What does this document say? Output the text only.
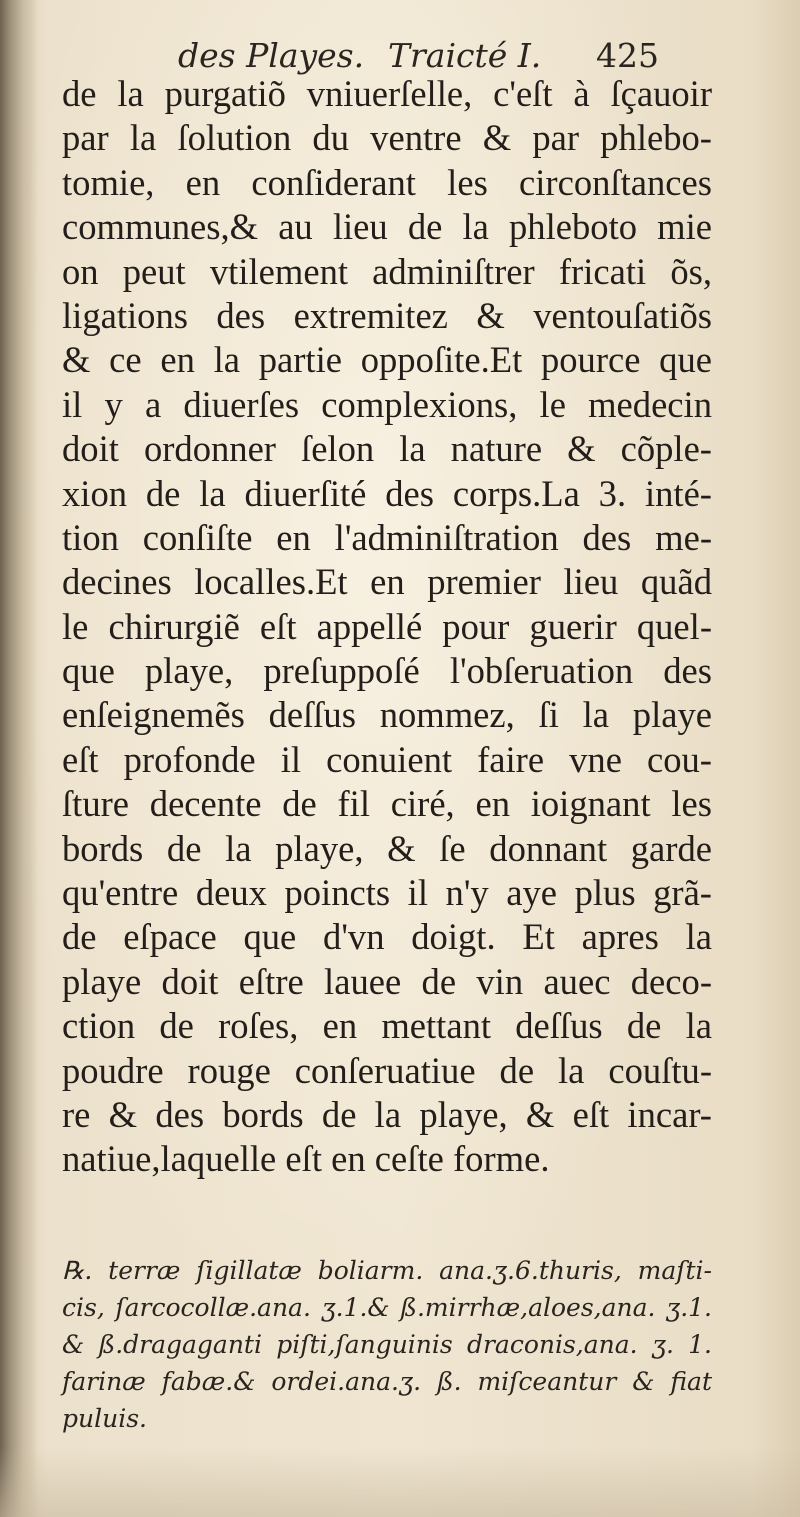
des Playes. Traicté I. 425
de la purgatiõ vniuerſelle, c'eſt à ſçauoir
par la ſolution du ventre & par phlebo-
tomie, en conſiderant les circonſtances
communes,& au lieu de la phleboto mie
on peut vtilement adminiſtrer fricati õs,
ligations des extremitez & ventouſatiõs
& ce en la partie oppoſite.Et pource que
il y a diuerſes complexions, le medecin
doit ordonner ſelon la nature & cõple-
xion de la diuerſité des corps.La 3. inté-
tion conſiſte en l'adminiſtration des me-
decines localles.Et en premier lieu quãd
le chirurgiẽ eſt appellé pour guerir quel-
que playe, preſuppoſé l'obſeruation des
enſeignemẽs deſſus nommez, ſi la playe
eſt profonde il conuient faire vne cou-
ſture decente de fil ciré, en ioignant les
bords de la playe, & ſe donnant garde
qu'entre deux poincts il n'y aye plus grã-
de eſpace que d'vn doigt. Et apres la
playe doit eſtre lauee de vin auec deco-
ction de roſes, en mettant deſſus de la
poudre rouge conſeruatiue de la couſtu-
re & des bords de la playe, & eſt incar-
natiue,laquelle eſt en ceſte forme.
℞. terræ ſigillatæ boliarm. ana.ʒ.6.thuris, maſti-
cis, ſarcocollæ.ana. ʒ.1.& ß.mirrhæ,aloes,ana. ʒ.1.
& ß.dragaganti piſti,ſanguinis draconis,ana. ʒ. 1.
farinæ fabæ.& ordei.ana.ʒ. ß. miſceantur & fiat
puluis.
